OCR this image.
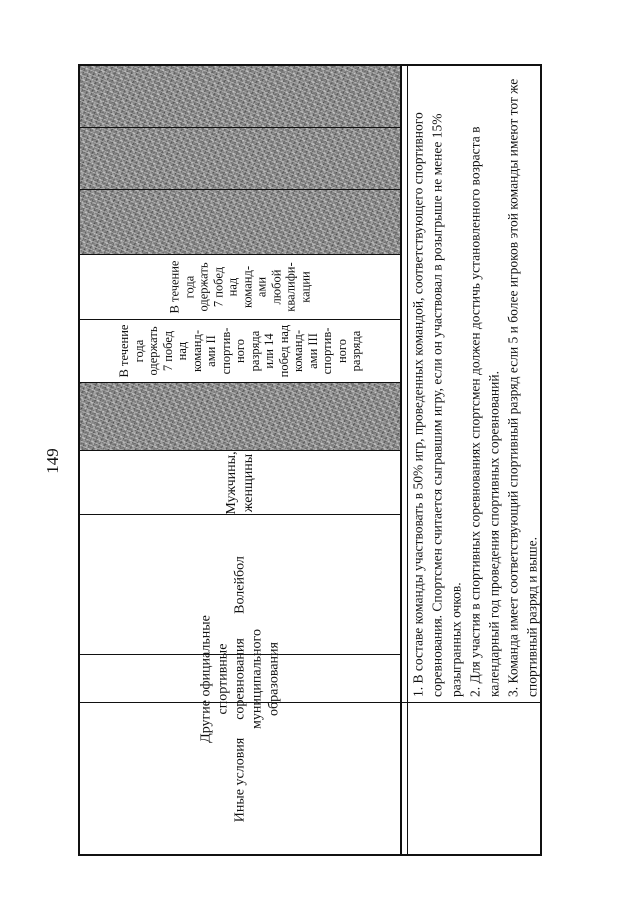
149
В течение
года
одержать
7 побед
над
команд-
ами
любой
квалифи-
кации
В течение
года
одержать
7 побед
над
команд-
ами II
спортив-
ного
разряда
или 14
побед над
команд-
ами III
спортив-
ного
разряда
Мужчины,
женщины
Волейбол
Другие официальные
спортивные
соревнования
муниципального
образования	1. В составе команды участвовать в 50% игр, проведенных командой, соответствующего спортивного соревнования. Спортсмен считается сыгравшим игру, если он участвовал в розыгрыше не менее 15% разыгранных очков. 2. Для участия в спортивных соревнованиях спортсмен должен достичь установленного возраста в календарный год проведения спортивных соревнований. 3. Команда имеет соответствующий спортивный разряд если 5 и более игроков этой команды имеют тот же спортивный разряд и выше.
Иные условия
